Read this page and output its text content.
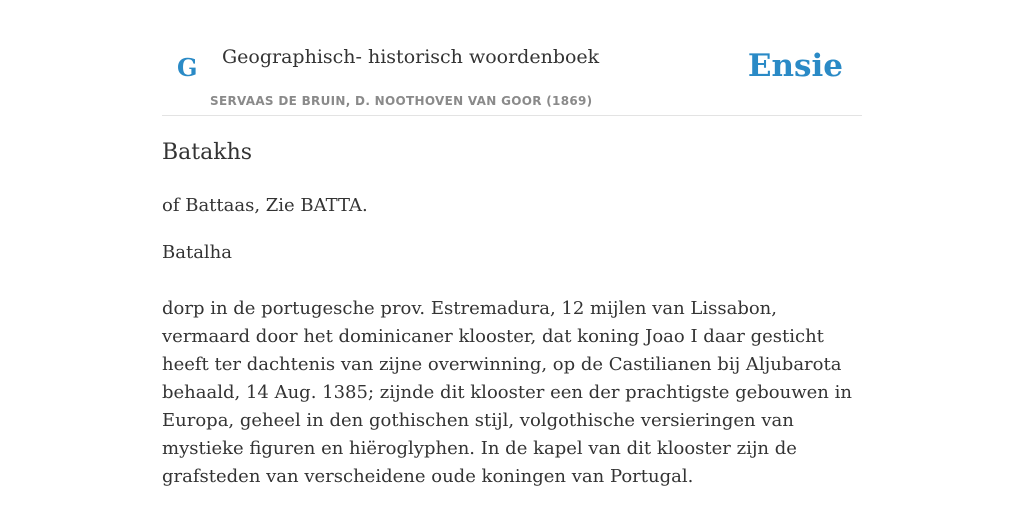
G Geographisch- historisch woordenboek
SERVAAS DE BRUIN, D. NOOTHOVEN VAN GOOR (1869)
Ensie
Batakhs

of Battaas, Zie BATTA.

Batalha

dorp in de portugesche prov. Estremadura, 12 mijlen van Lissabon, vermaard door het dominicaner klooster, dat koning Joao I daar gesticht heeft ter dachtenis van zijne overwinning, op de Castilianen bij Aljubarota behaald, 14 Aug. 1385; zijnde dit klooster een der prachtigste gebouwen in Europa, geheel in den gothischen stijl, volgothische versieringen van mystieke figuren en hiëroglyphen. In de kapel van dit klooster zijn de grafsteden van verscheidene oude koningen van Portugal.
